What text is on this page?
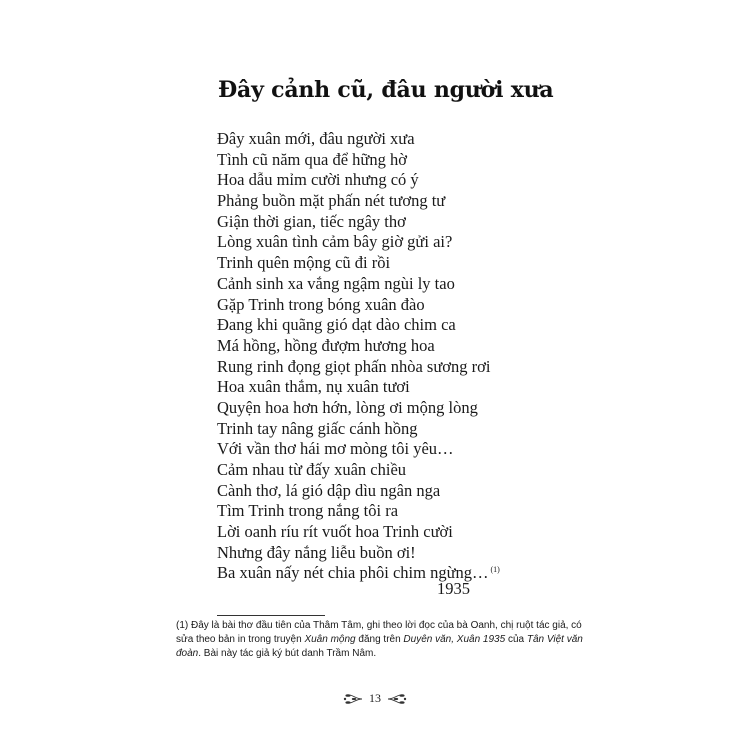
Đây cảnh cũ, đâu người xưa
Đây xuân mới, đâu người xưa
Tình cũ năm qua để hững hờ
Hoa dẫu mỉm cười nhưng có ý
Phảng buồn mặt phấn nét tương tư
Giận thời gian, tiếc ngây thơ
Lòng xuân tình cảm bây giờ gửi ai?
Trinh quên mộng cũ đi rồi
Cảnh sinh xa vắng ngậm ngùi ly tao
Gặp Trinh trong bóng xuân đào
Đang khi quãng gió dạt dào chim ca
Má hồng, hồng đượm hương hoa
Rung rinh đọng giọt phấn nhòa sương rơi
Hoa xuân thắm, nụ xuân tươi
Quyện hoa hơn hớn, lòng ơi mộng lòng
Trinh tay nâng giấc cánh hồng
Với vần thơ hái mơ mòng tôi yêu…
Cảm nhau từ đấy xuân chiều
Cành thơ, lá gió dập dìu ngân nga
Tìm Trinh trong nắng tôi ra
Lời oanh ríu rít vuốt hoa Trinh cười
Nhưng đây nắng liễu buồn ơi!
Ba xuân nấy nét chia phôi chim ngừng… $^{(1)}$
1935
(1) Đây là bài thơ đầu tiên của Thâm Tâm, ghi theo lời đọc của bà Oanh, chị ruột tác giả, có sửa theo bản in trong truyện Xuân mộng đăng trên Duyên văn, Xuân 1935 của Tân Việt văn đoàn. Bài này tác giả ký bút danh Trầm Nâm.
13
